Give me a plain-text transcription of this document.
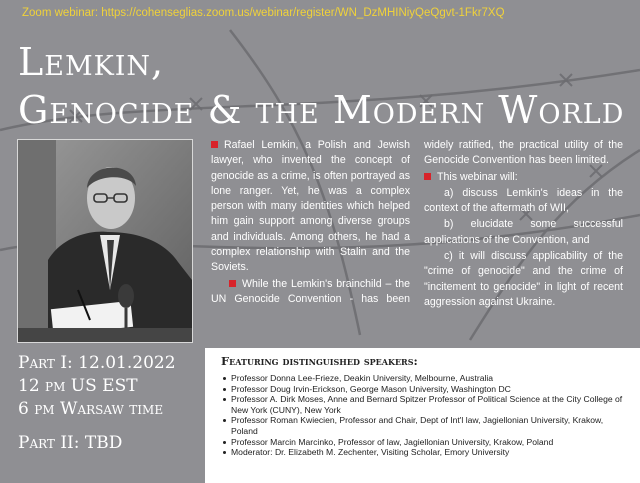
Zoom webinar: https://cohenseglias.zoom.us/webinar/register/WN_DzMHINiyQeQgvt-1Fkr7XQ
Lemkin,
Genocide & the Modern World

Rafael Lemkin, a Polish and Jewish lawyer, who invented the concept of genocide as a crime, is often portrayed as lone ranger. Yet, he was a complex person with many identities which helped him gain support among diverse groups and individuals. Among others, he had a complex relationship with Stalin and the Soviets.

While the Lemkin's brainchild – the UN Genocide Convention - has been widely ratified, the practical utility of the Genocide Convention has been limited.

This webinar will:

a) discuss Lemkin's ideas in the context of the aftermath of WII,

b) elucidate some successful applications of the Convention, and

c) it will discuss applicability of the "crime of genocide" and the crime of "incitement to genocide" in light of recent aggression against Ukraine.

Part I: 12.01.2022
12 pm US EST
6 pm Warsaw time
Part II: TBD
Featuring distinguished speakers:
Professor Donna Lee-Frieze, Deakin University, Melbourne, Australia
Professor Doug Irvin-Erickson, George Mason University, Washington DC
Professor A. Dirk Moses, Anne and Bernard Spitzer Professor of Political Science at the City College of New York (CUNY), New York
Professor Roman Kwiecien, Professor and Chair, Dept of Int'l law, Jagiellonian University, Krakow, Poland
Professor Marcin Marcinko, Professor of law, Jagiellonian University, Krakow, Poland
Moderator: Dr. Elizabeth M. Zechenter, Visiting Scholar, Emory University
